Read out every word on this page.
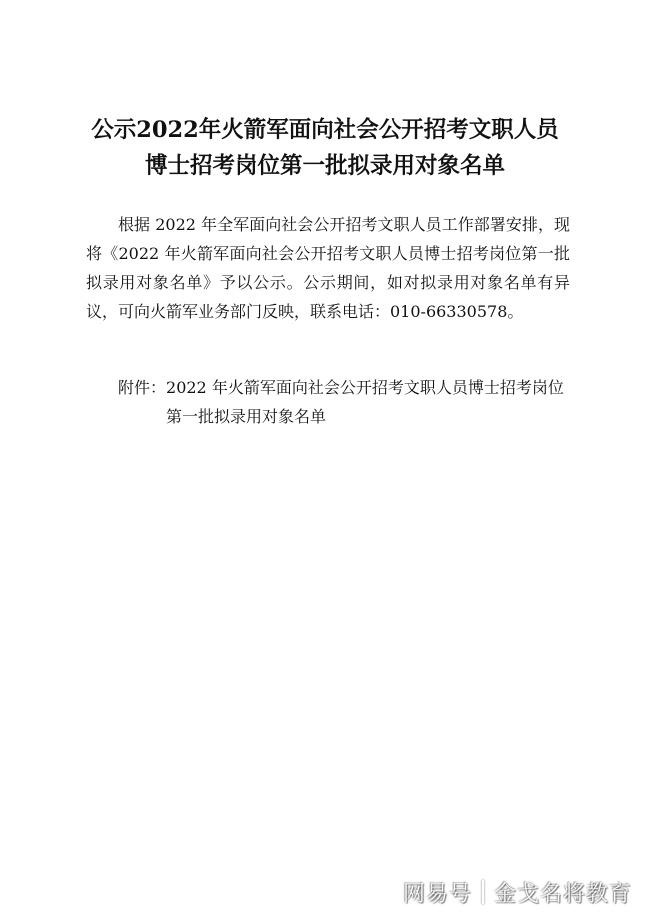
公示2022年火箭军面向社会公开招考文职人员
博士招考岗位第一批拟录用对象名单

根据 2022 年全军面向社会公开招考文职人员工作部署安排，现将《2022 年火箭军面向社会公开招考文职人员博士招考岗位第一批拟录用对象名单》予以公示。公示期间，如对拟录用对象名单有异议，可向火箭军业务部门反映，联系电话：010-66330578。

附件： 2022 年火箭军面向社会公开招考文职人员博士招考岗位第一批拟录用对象名单
网易号 金戈名将教育
